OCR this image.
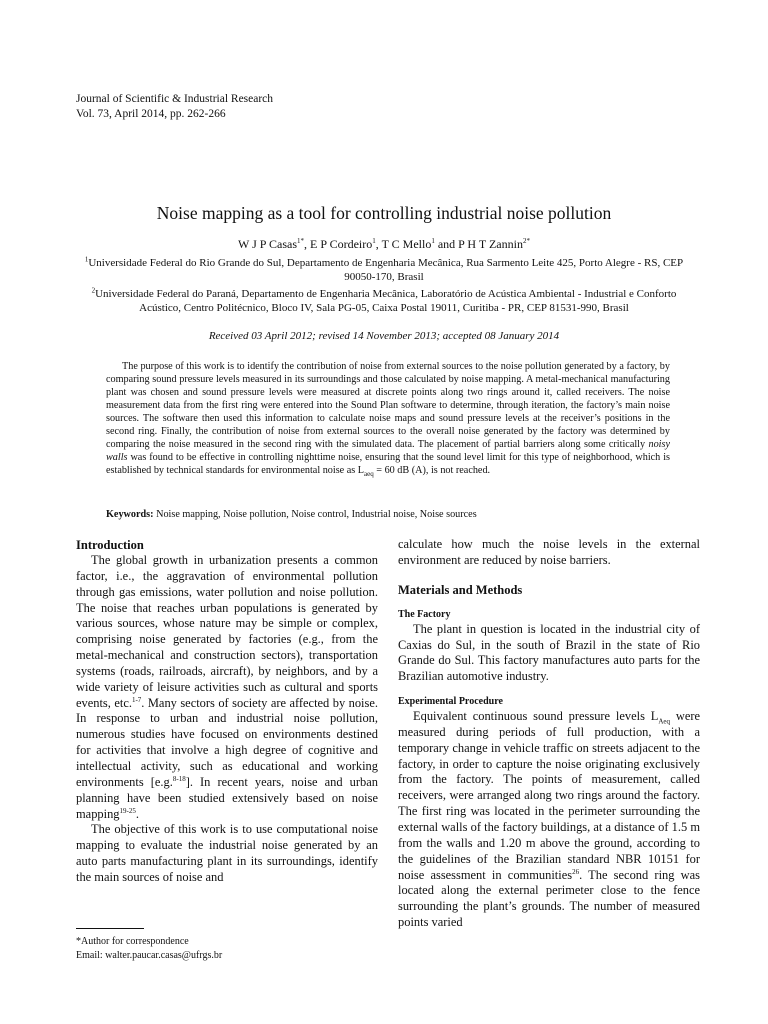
Journal of Scientific & Industrial Research
Vol. 73, April 2014, pp. 262-266
Noise mapping as a tool for controlling industrial noise pollution
W J P Casas$^{1*}$, E P Cordeiro$^1$, T C Mello$^1$ and P H T Zannin$^{2*}$
$^1$Universidade Federal do Rio Grande do Sul, Departamento de Engenharia Mecânica, Rua Sarmento Leite 425, Porto Alegre - RS, CEP 90050-170, Brasil
$^2$Universidade Federal do Paraná, Departamento de Engenharia Mecânica, Laboratório de Acústica Ambiental - Industrial e Conforto Acústico, Centro Politécnico, Bloco IV, Sala PG-05, Caixa Postal 19011, Curitiba - PR, CEP 81531-990, Brasil
Received 03 April 2012; revised 14 November 2013; accepted 08 January 2014
The purpose of this work is to identify the contribution of noise from external sources to the noise pollution generated by a factory, by comparing sound pressure levels measured in its surroundings and those calculated by noise mapping. A metal-mechanical manufacturing plant was chosen and sound pressure levels were measured at discrete points along two rings around it, called receivers. The noise measurement data from the first ring were entered into the Sound Plan software to determine, through iteration, the factory’s main noise sources. The software then used this information to calculate noise maps and sound pressure levels at the receiver’s positions in the second ring. Finally, the contribution of noise from external sources to the overall noise generated by the factory was determined by comparing the noise measured in the second ring with the simulated data. The placement of partial barriers along some critically noisy walls was found to be effective in controlling nighttime noise, ensuring that the sound level limit for this type of neighborhood, which is established by technical standards for environmental noise as $L_{aeq} = 60$ dB (A), is not reached.
Keywords: Noise mapping, Noise pollution, Noise control, Industrial noise, Noise sources
Introduction

The global growth in urbanization presents a common factor, i.e., the aggravation of environmental pollution through gas emissions, water pollution and noise pollution. The noise that reaches urban populations is generated by various sources, whose nature may be simple or complex, comprising noise generated by factories (e.g., from the metal-mechanical and construction sectors), transportation systems (roads, railroads, aircraft), by neighbors, and by a wide variety of leisure activities such as cultural and sports events, etc.$^{1-7}$. Many sectors of society are affected by noise. In response to urban and industrial noise pollution, numerous studies have focused on environments destined for activities that involve a high degree of cognitive and intellectual activity, such as educational and working environments [e.g.$^{8-18}$]. In recent years, noise and urban planning have been studied extensively based on noise mapping$^{19-25}$.

The objective of this work is to use computational noise mapping to evaluate the industrial noise generated by an auto parts manufacturing plant in its surroundings, identify the main sources of noise and

calculate how much the noise levels in the external environment are reduced by noise barriers.

Materials and Methods
The Factory

The plant in question is located in the industrial city of Caxias do Sul, in the south of Brazil in the state of Rio Grande do Sul. This factory manufactures auto parts for the Brazilian automotive industry.

Experimental Procedure

Equivalent continuous sound pressure levels $L_{Aeq}$ were measured during periods of full production, with a temporary change in vehicle traffic on streets adjacent to the factory, in order to capture the noise originating exclusively from the factory. The points of measurement, called receivers, were arranged along two rings around the factory. The first ring was located in the perimeter surrounding the external walls of the factory buildings, at a distance of 1.5 m from the walls and 1.20 m above the ground, according to the guidelines of the Brazilian standard NBR 10151 for noise assessment in communities$^{26}$. The second ring was located along the external perimeter close to the fence surrounding the plant’s grounds. The number of measured points varied

*Author for correspondence
Email: walter.paucar.casas@ufrgs.br
